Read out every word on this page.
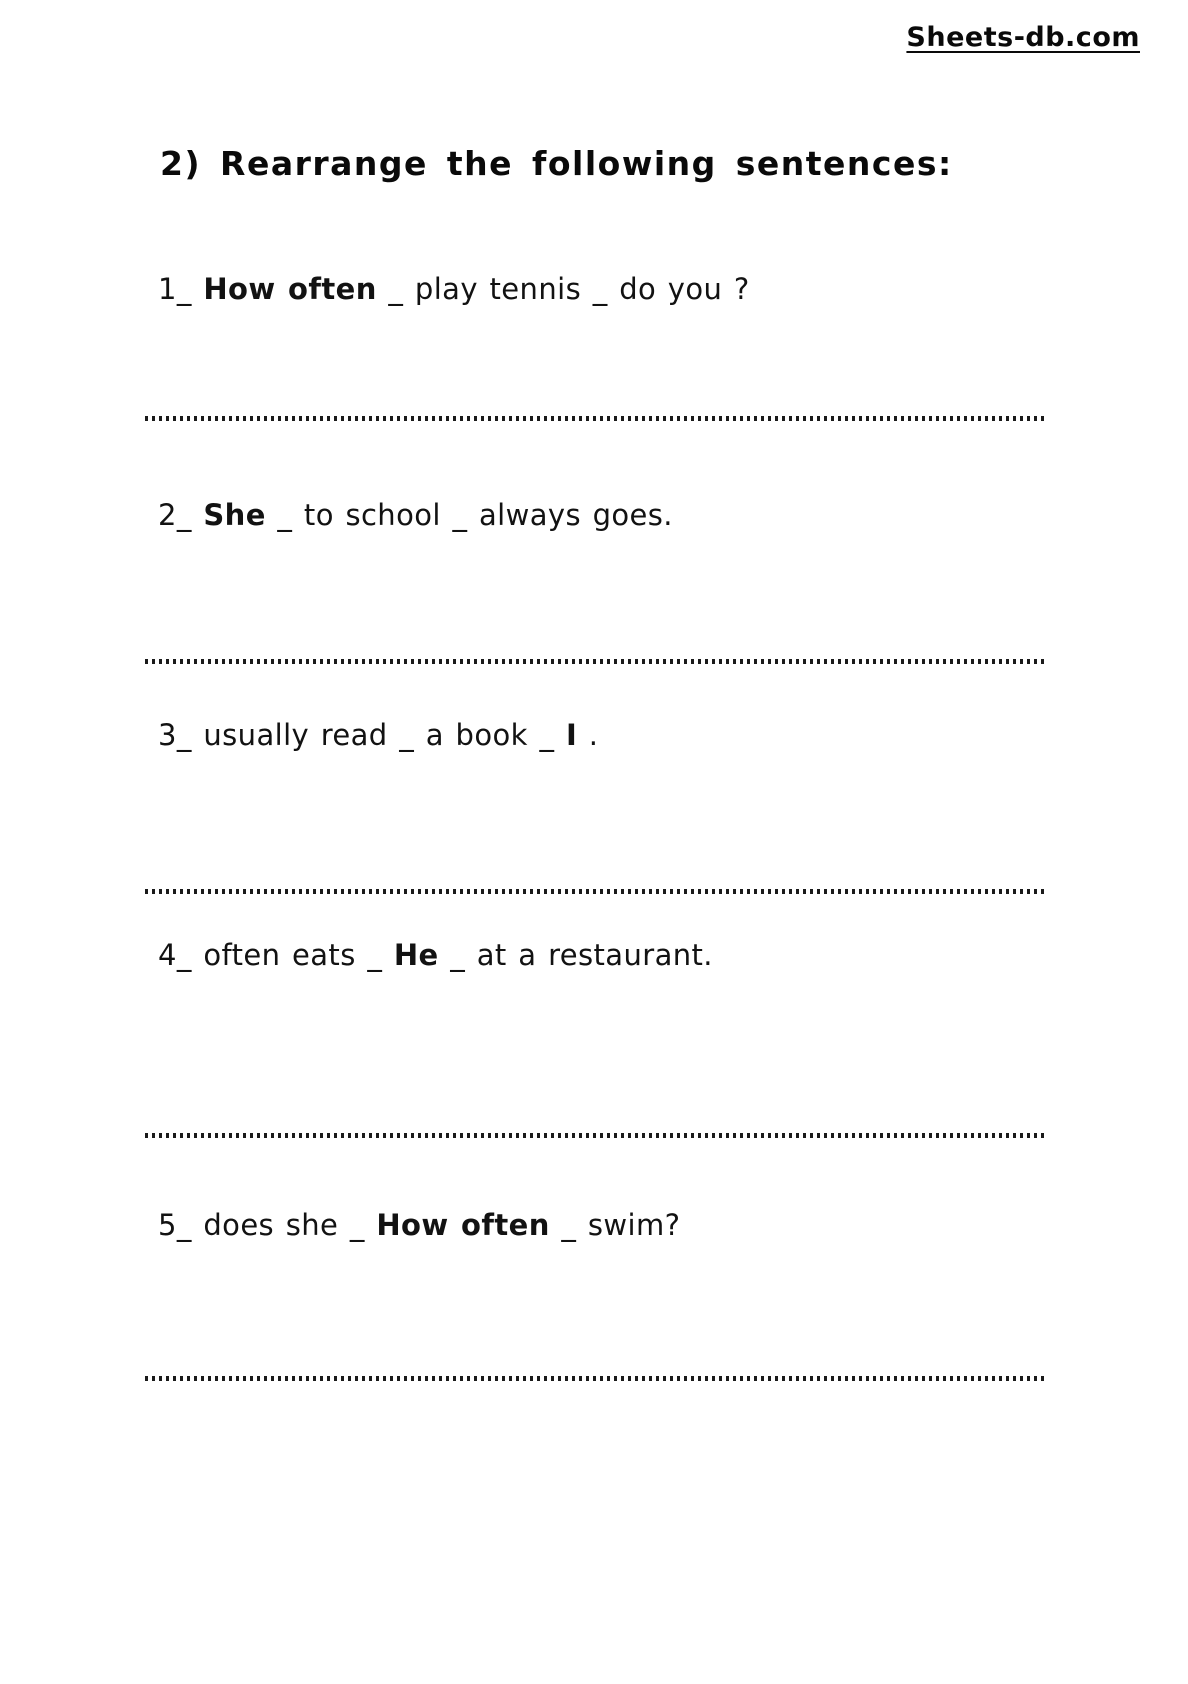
Sheets-db.com
2) Rearrange the following sentences:
1_ How often _ play tennis _ do you ?
2_ She _ to school _ always goes.
3_ usually read _ a book _ I .
4_ often eats _ He _ at a restaurant.
5_ does she _ How often _ swim?
